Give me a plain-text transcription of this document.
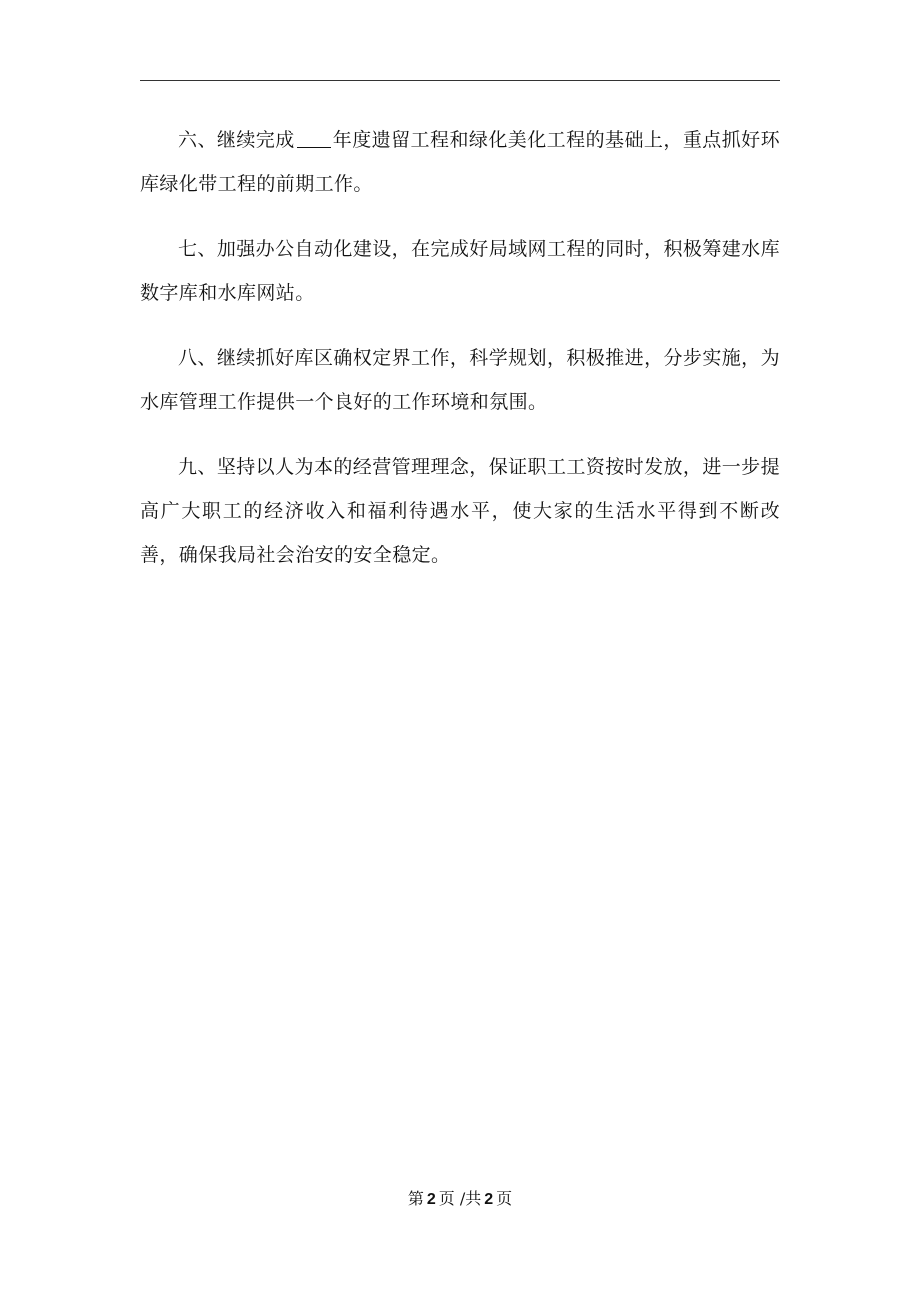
六、继续完成 年度遗留工程和绿化美化工程的基础上，重点抓好环库绿化带工程的前期工作。

七、加强办公自动化建设，在完成好局域网工程的同时，积极筹建水库数字库和水库网站。

八、继续抓好库区确权定界工作，科学规划，积极推进，分步实施，为水库管理工作提供一个良好的工作环境和氛围。

九、坚持以人为本的经营管理理念，保证职工工资按时发放，进一步提高广大职工的经济收入和福利待遇水平，使大家的生活水平得到不断改善，确保我局社会治安的安全稳定。

第 2 页 /共 2 页
